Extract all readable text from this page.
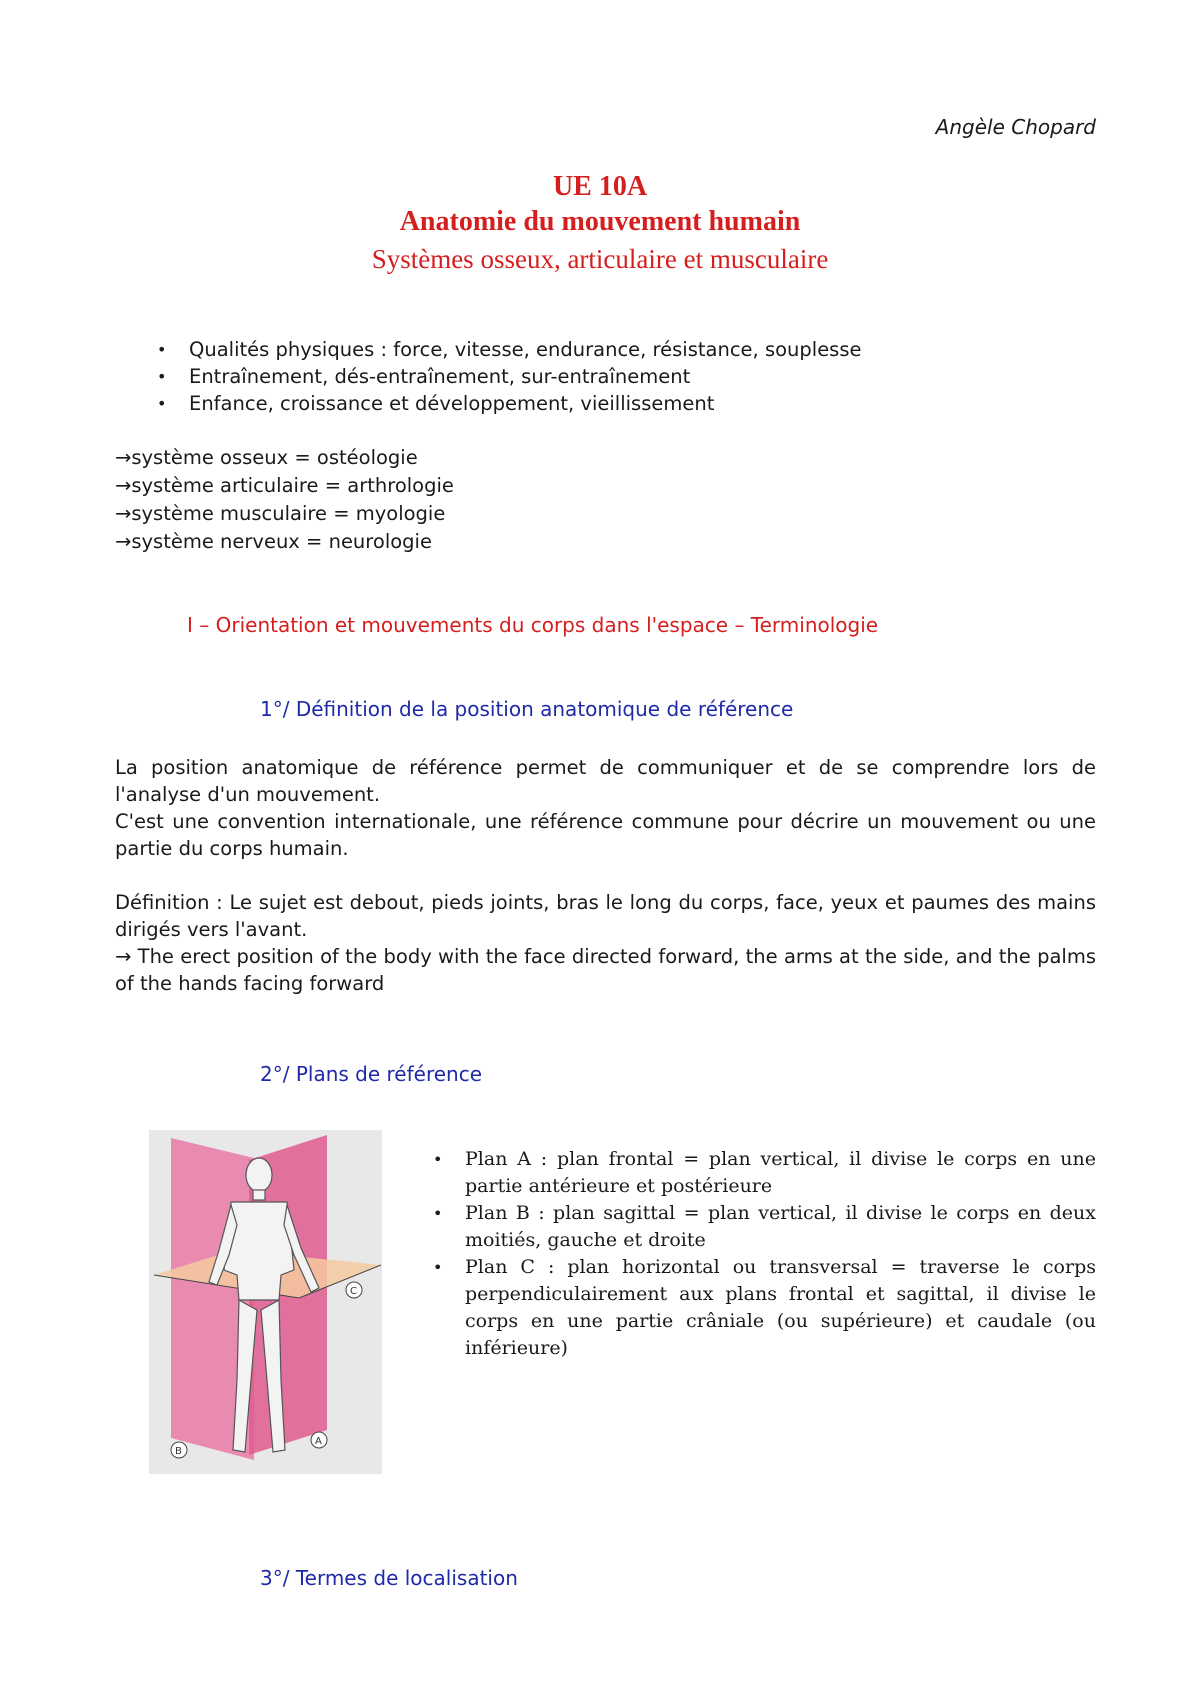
Angèle Chopard
UE 10A
Anatomie du mouvement humain
Systèmes osseux, articulaire et musculaire
• Qualités physiques : force, vitesse, endurance, résistance, souplesse
• Entraînement, dés-entraînement, sur-entraînement
• Enfance, croissance et développement, vieillissement
→ système osseux = ostéologie
→ système articulaire = arthrologie
→ système musculaire = myologie
→ système nerveux = neurologie
I – Orientation et mouvements du corps dans l'espace – Terminologie
1°/ Définition de la position anatomique de référence

La position anatomique de référence permet de communiquer et de se comprendre lors de l'analyse d'un mouvement.

C'est une convention internationale, une référence commune pour décrire un mouvement ou une partie du corps humain.

Définition : Le sujet est debout, pieds joints, bras le long du corps, face, yeux et paumes des mains dirigés vers l'avant.

→ The erect position of the body with the face directed forward, the arms at the side, and the palms of the hands facing forward

2°/ Plans de référence
C
A
B
• Plan A : plan frontal = plan vertical, il divise le corps en une partie antérieure et postérieure
• Plan B : plan sagittal = plan vertical, il divise le corps en deux moitiés, gauche et droite
• Plan C : plan horizontal ou transversal = traverse le corps perpendiculairement aux plans frontal et sagittal, il divise le corps en une partie crâniale (ou supérieure) et caudale (ou inférieure)
3°/ Termes de localisation
